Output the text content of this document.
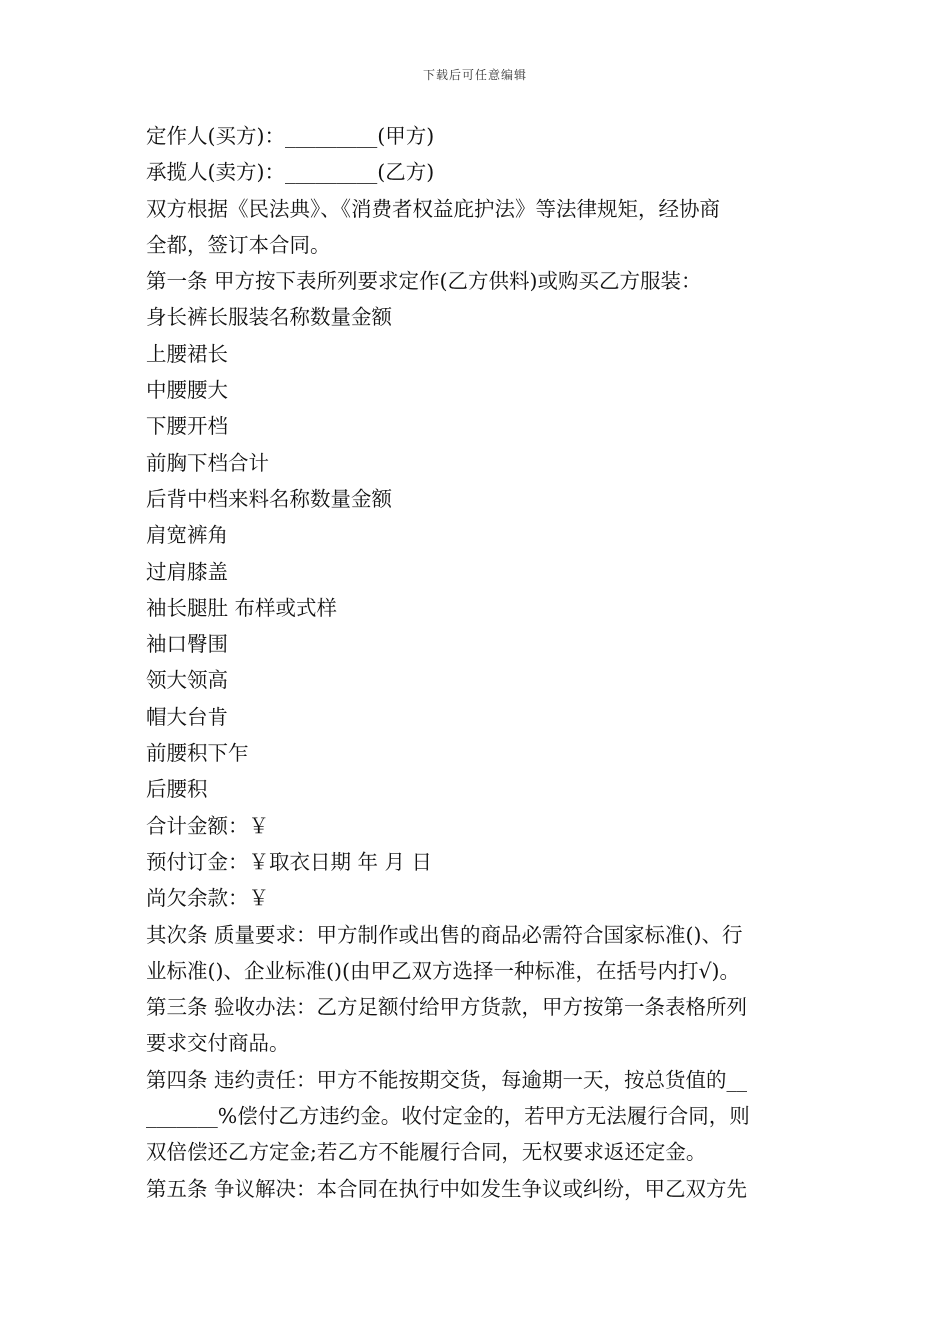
下载后可任意编辑
定作人(买方)：_________(甲方)
承揽人(卖方)：_________(乙方)
双方根据《民法典》、《消费者权益庇护法》等法律规矩，经协商
全都，签订本合同。
第一条 甲方按下表所列要求定作(乙方供料)或购买乙方服装：
身长裤长服装名称数量金额
上腰裙长
中腰腰大
下腰开档
前胸下档合计
后背中档来料名称数量金额
肩宽裤角
过肩膝盖
袖长腿肚 布样或式样
袖口臀围
领大领高
帽大台肯
前腰积下乍
后腰积
合计金额：￥
预付订金：￥取衣日期 年 月 日
尚欠余款：￥
其次条 质量要求：甲方制作或出售的商品必需符合国家标准()、行
业标准()、企业标准()(由甲乙双方选择一种标准，在括号内打√)。
第三条 验收办法：乙方足额付给甲方货款，甲方按第一条表格所列
要求交付商品。
第四条 违约责任：甲方不能按期交货，每逾期一天，按总货值的__
_______%偿付乙方违约金。收付定金的，若甲方无法履行合同，则
双倍偿还乙方定金;若乙方不能履行合同，无权要求返还定金。
第五条 争议解决：本合同在执行中如发生争议或纠纷，甲乙双方先
